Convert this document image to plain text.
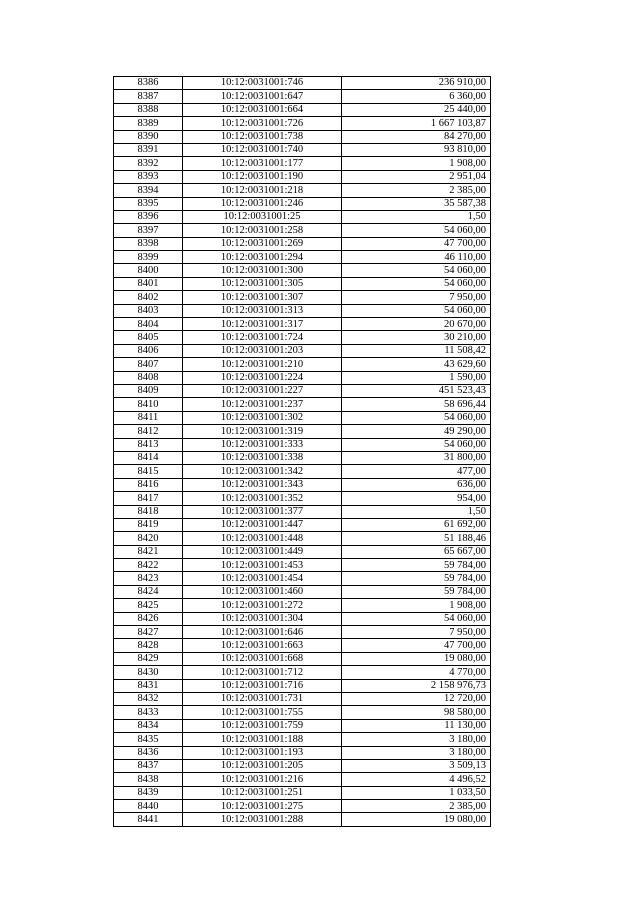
8386	10:12:0031001:746	236 910,00
8387	10:12:0031001:647	6 360,00
8388	10:12:0031001:664	25 440,00
8389	10:12:0031001:726	1 667 103,87
8390	10:12:0031001:738	84 270,00
8391	10:12:0031001:740	93 810,00
8392	10:12:0031001:177	1 908,00
8393	10:12:0031001:190	2 951,04
8394	10:12:0031001:218	2 385,00
8395	10:12:0031001:246	35 587,38
8396	10:12:0031001:25	1,50
8397	10:12:0031001:258	54 060,00
8398	10:12:0031001:269	47 700,00
8399	10:12:0031001:294	46 110,00
8400	10:12:0031001:300	54 060,00
8401	10:12:0031001:305	54 060,00
8402	10:12:0031001:307	7 950,00
8403	10:12:0031001:313	54 060,00
8404	10:12:0031001:317	20 670,00
8405	10:12:0031001:724	30 210,00
8406	10:12:0031001:203	11 508,42
8407	10:12:0031001:210	43 629,60
8408	10:12:0031001:224	1 590,00
8409	10:12:0031001:227	451 523,43
8410	10:12:0031001:237	58 696,44
8411	10:12:0031001:302	54 060,00
8412	10:12:0031001:319	49 290,00
8413	10:12:0031001:333	54 060,00
8414	10:12:0031001:338	31 800,00
8415	10:12:0031001:342	477,00
8416	10:12:0031001:343	636,00
8417	10:12:0031001:352	954,00
8418	10:12:0031001:377	1,50
8419	10:12:0031001:447	61 692,00
8420	10:12:0031001:448	51 188,46
8421	10:12:0031001:449	65 667,00
8422	10:12:0031001:453	59 784,00
8423	10:12:0031001:454	59 784,00
8424	10:12:0031001:460	59 784,00
8425	10:12:0031001:272	1 908,00
8426	10:12:0031001:304	54 060,00
8427	10:12:0031001:646	7 950,00
8428	10:12:0031001:663	47 700,00
8429	10:12:0031001:668	19 080,00
8430	10:12:0031001:712	4 770,00
8431	10:12:0031001:716	2 158 976,73
8432	10:12:0031001:731	12 720,00
8433	10:12:0031001:755	98 580,00
8434	10:12:0031001:759	11 130,00
8435	10:12:0031001:188	3 180,00
8436	10:12:0031001:193	3 180,00
8437	10:12:0031001:205	3 509,13
8438	10:12:0031001:216	4 496,52
8439	10:12:0031001:251	1 033,50
8440	10:12:0031001:275	2 385,00
8441	10:12:0031001:288	19 080,00
